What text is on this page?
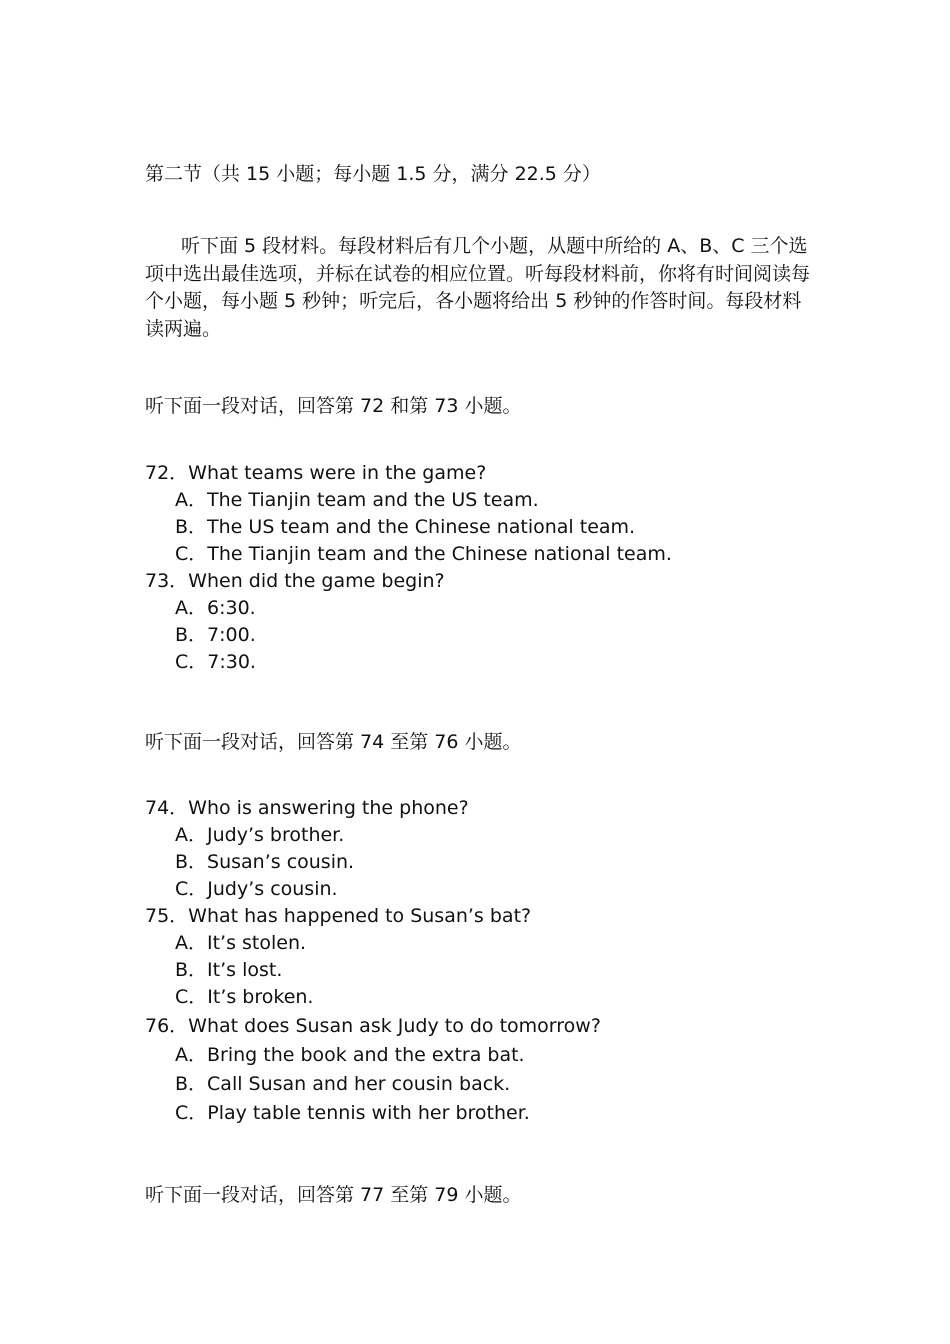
第二节（共 15 小题；每小题 1.5 分，满分 22.5 分）
听下面 5 段材料。每段材料后有几个小题，从题中所给的 A、B、C 三个选项中选出最佳选项，并标在试卷的相应位置。听每段材料前，你将有时间阅读每个小题，每小题 5 秒钟；听完后，各小题将给出 5 秒钟的作答时间。每段材料读两遍。
听下面一段对话，回答第 72 和第 73 小题。
72．What teams were in the game?
A．The Tianjin team and the US team.
B．The US team and the Chinese national team.
C．The Tianjin team and the Chinese national team.
73．When did the game begin?
A．6:30.
B．7:00.
C．7:30.
听下面一段对话，回答第 74 至第 76 小题。
74．Who is answering the phone?
A．Judy’s brother.
B．Susan’s cousin.
C．Judy’s cousin.
75．What has happened to Susan’s bat?
A．It’s stolen.
B．It’s lost.
C．It’s broken.
76．What does Susan ask Judy to do tomorrow?
A．Bring the book and the extra bat.
B．Call Susan and her cousin back.
C．Play table tennis with her brother.
听下面一段对话，回答第 77 至第 79 小题。
